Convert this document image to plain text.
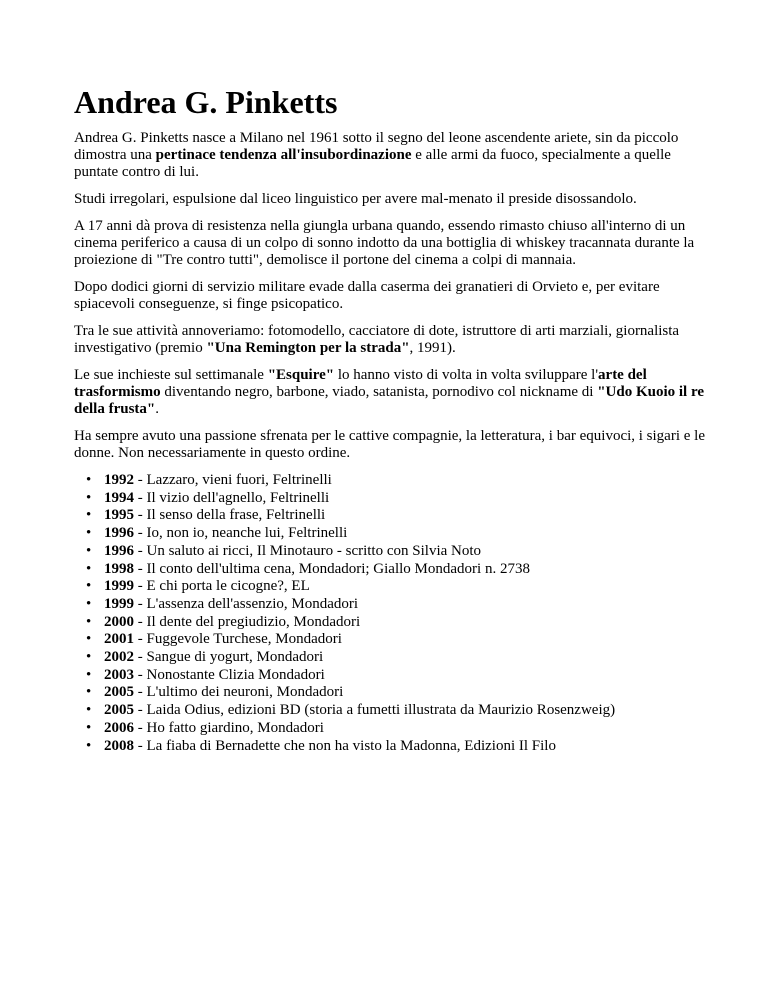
Andrea G. Pinketts

Andrea G. Pinketts nasce a Milano nel 1961 sotto il segno del leone ascendente ariete, sin da piccolo dimostra una pertinace tendenza all'insubordinazione e alle armi da fuoco, specialmente a quelle puntate contro di lui.

Studi irregolari, espulsione dal liceo linguistico per avere mal-menato il preside disossandolo.

A 17 anni dà prova di resistenza nella giungla urbana quando, essendo rimasto chiuso all'interno di un cinema periferico a causa di un colpo di sonno indotto da una bottiglia di whiskey tracannata durante la proiezione di "Tre contro tutti", demolisce il portone del cinema a colpi di mannaia.

Dopo dodici giorni di servizio militare evade dalla caserma dei granatieri di Orvieto e, per evitare spiacevoli conseguenze, si finge psicopatico.

Tra le sue attività annoveriamo: fotomodello, cacciatore di dote, istruttore di arti marziali, giornalista investigativo (premio "Una Remington per la strada", 1991).

Le sue inchieste sul settimanale "Esquire" lo hanno visto di volta in volta sviluppare l'arte del trasformismo diventando negro, barbone, viado, satanista, pornodivo col nickname di "Udo Kuoio il re della frusta".

Ha sempre avuto una passione sfrenata per le cattive compagnie, la letteratura, i bar equivoci, i sigari e le donne. Non necessariamente in questo ordine.

• 1992 - Lazzaro, vieni fuori, Feltrinelli
• 1994 - Il vizio dell'agnello, Feltrinelli
• 1995 - Il senso della frase, Feltrinelli
• 1996 - Io, non io, neanche lui, Feltrinelli
• 1996 - Un saluto ai ricci, Il Minotauro - scritto con Silvia Noto
• 1998 - Il conto dell'ultima cena, Mondadori; Giallo Mondadori n. 2738
• 1999 - E chi porta le cicogne?, EL
• 1999 - L'assenza dell'assenzio, Mondadori
• 2000 - Il dente del pregiudizio, Mondadori
• 2001 - Fuggevole Turchese, Mondadori
• 2002 - Sangue di yogurt, Mondadori
• 2003 - Nonostante Clizia Mondadori
• 2005 - L'ultimo dei neuroni, Mondadori
• 2005 - Laida Odius, edizioni BD (storia a fumetti illustrata da Maurizio Rosenzweig)
• 2006 - Ho fatto giardino, Mondadori
• 2008 - La fiaba di Bernadette che non ha visto la Madonna, Edizioni Il Filo
